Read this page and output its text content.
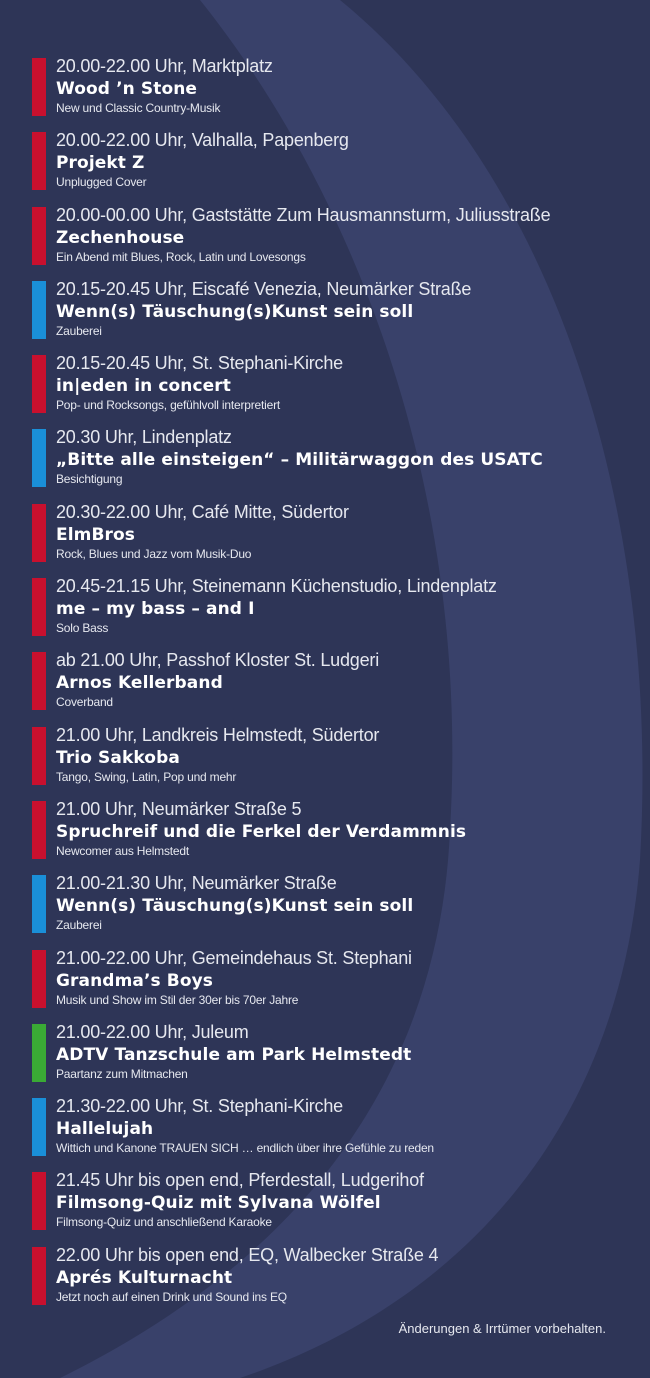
20.00-22.00 Uhr, Marktplatz
Wood ’n Stone
New und Classic Country-Musik
20.00-22.00 Uhr, Valhalla, Papenberg
Projekt Z
Unplugged Cover
20.00-00.00 Uhr, Gaststätte Zum Hausmannsturm, Juliusstraße
Zechenhouse
Ein Abend mit Blues, Rock, Latin und Lovesongs
20.15-20.45 Uhr, Eiscafé Venezia, Neumärker Straße
Wenn(s) Täuschung(s)Kunst sein soll
Zauberei
20.15-20.45 Uhr, St. Stephani-Kirche
in|eden in concert
Pop- und Rocksongs, gefühlvoll interpretiert
20.30 Uhr, Lindenplatz
„Bitte alle einsteigen“ – Militärwaggon des USATC
Besichtigung
20.30-22.00 Uhr, Café Mitte, Südertor
ElmBros
Rock, Blues und Jazz vom Musik-Duo
20.45-21.15 Uhr, Steinemann Küchenstudio, Lindenplatz
me – my bass – and I
Solo Bass
ab 21.00 Uhr, Passhof Kloster St. Ludgeri
Arnos Kellerband
Coverband
21.00 Uhr, Landkreis Helmstedt, Südertor
Trio Sakkoba
Tango, Swing, Latin, Pop und mehr
21.00 Uhr, Neumärker Straße 5
Spruchreif und die Ferkel der Verdammnis
Newcomer aus Helmstedt
21.00-21.30 Uhr, Neumärker Straße
Wenn(s) Täuschung(s)Kunst sein soll
Zauberei
21.00-22.00 Uhr, Gemeindehaus St. Stephani
Grandma’s Boys
Musik und Show im Stil der 30er bis 70er Jahre
21.00-22.00 Uhr, Juleum
ADTV Tanzschule am Park Helmstedt
Paartanz zum Mitmachen
21.30-22.00 Uhr, St. Stephani-Kirche
Hallelujah
Wittich und Kanone TRAUEN SICH … endlich über ihre Gefühle zu reden
21.45 Uhr bis open end, Pferdestall, Ludgerihof
Filmsong-Quiz mit Sylvana Wölfel
Filmsong-Quiz und anschließend Karaoke
22.00 Uhr bis open end, EQ, Walbecker Straße 4
Aprés Kulturnacht
Jetzt noch auf einen Drink und Sound ins EQ
Änderungen & Irrtümer vorbehalten.
